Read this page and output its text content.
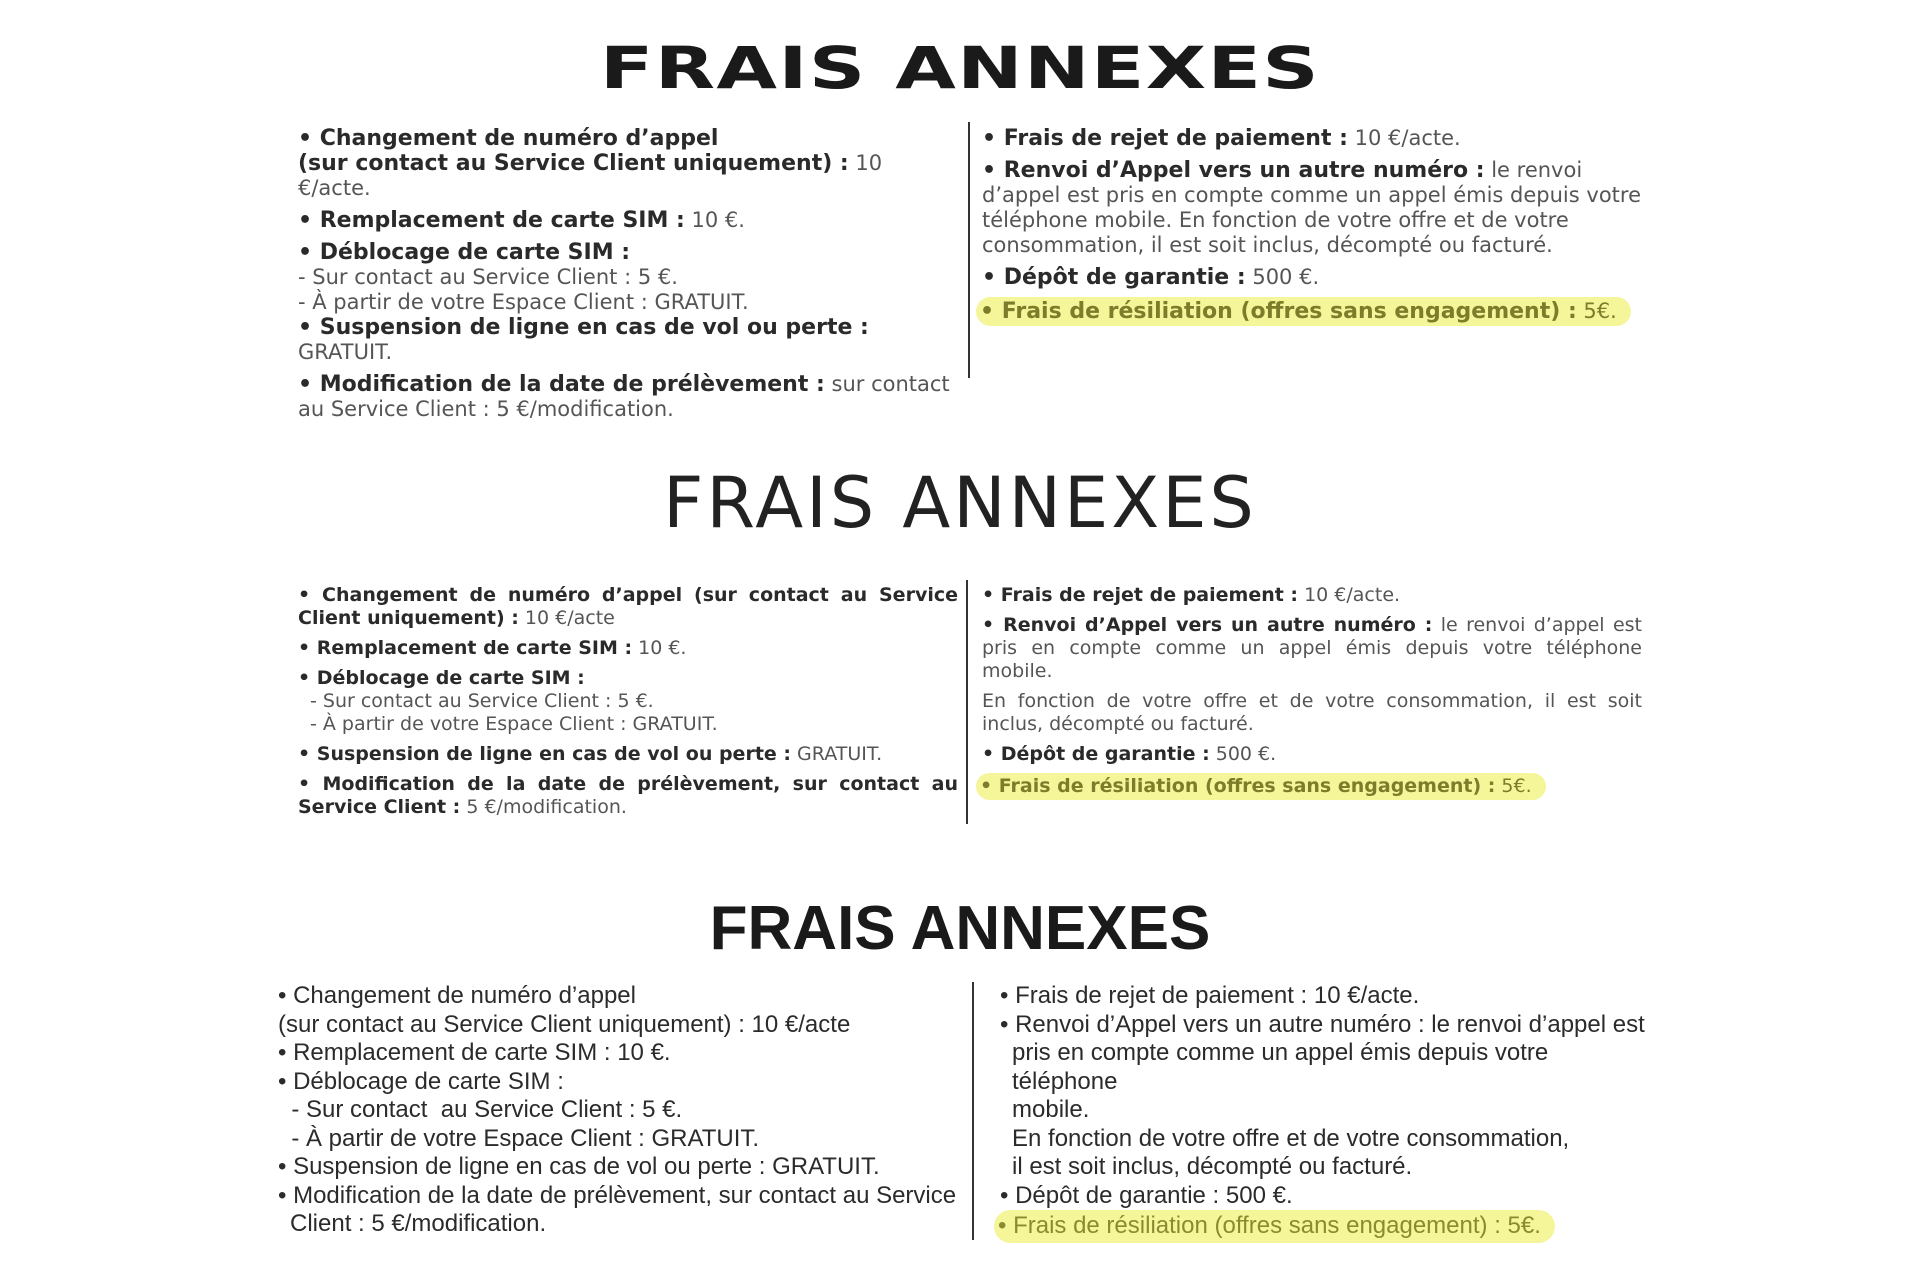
FRAIS ANNEXES

• Changement de numéro d’appel
(sur contact au Service Client uniquement) : 10 €/acte.

• Remplacement de carte SIM : 10 €.

• Déblocage de carte SIM :
- Sur contact au Service Client : 5 €.
- À partir de votre Espace Client : GRATUIT.

• Suspension de ligne en cas de vol ou perte : GRATUIT.

• Modification de la date de prélèvement : sur contact au Service Client : 5 €/modification.

• Frais de rejet de paiement : 10 €/acte.

• Renvoi d’Appel vers un autre numéro : le renvoi d’appel est pris en compte comme un appel émis depuis votre téléphone mobile. En fonction de votre offre et de votre consommation, il est soit inclus, décompté ou facturé.

• Dépôt de garantie : 500 €.

• Frais de résiliation (offres sans engagement) : 5€.

FRAIS ANNEXES

• Changement de numéro d’appel (sur contact au Service Client uniquement) : 10 €/acte

• Remplacement de carte SIM : 10 €.

• Déblocage de carte SIM :
- Sur contact au Service Client : 5 €.
- À partir de votre Espace Client : GRATUIT.

• Suspension de ligne en cas de vol ou perte : GRATUIT.

• Modification de la date de prélèvement, sur contact au Service Client : 5 €/modification.

• Frais de rejet de paiement : 10 €/acte.

• Renvoi d’Appel vers un autre numéro : le renvoi d’appel est pris en compte comme un appel émis depuis votre téléphone mobile.

En fonction de votre offre et de votre consommation, il est soit inclus, décompté ou facturé.

• Dépôt de garantie : 500 €.

• Frais de résiliation (offres sans engagement) : 5€.

FRAIS ANNEXES
• Changement de numéro d’appel
(sur contact au Service Client uniquement) : 10 €/acte
• Remplacement de carte SIM : 10 €.
• Déblocage de carte SIM :
- Sur contact  au Service Client : 5 €.
- À partir de votre Espace Client : GRATUIT.
• Suspension de ligne en cas de vol ou perte : GRATUIT.
• Modification de la date de prélèvement, sur contact au Service
Client : 5 €/modification.
• Frais de rejet de paiement : 10 €/acte.
• Renvoi d’Appel vers un autre numéro : le renvoi d’appel est
pris en compte comme un appel émis depuis votre téléphone
mobile.
En fonction de votre offre et de votre consommation,
il est soit inclus, décompté ou facturé.
• Dépôt de garantie : 500 €.
• Frais de résiliation (offres sans engagement) : 5€.
